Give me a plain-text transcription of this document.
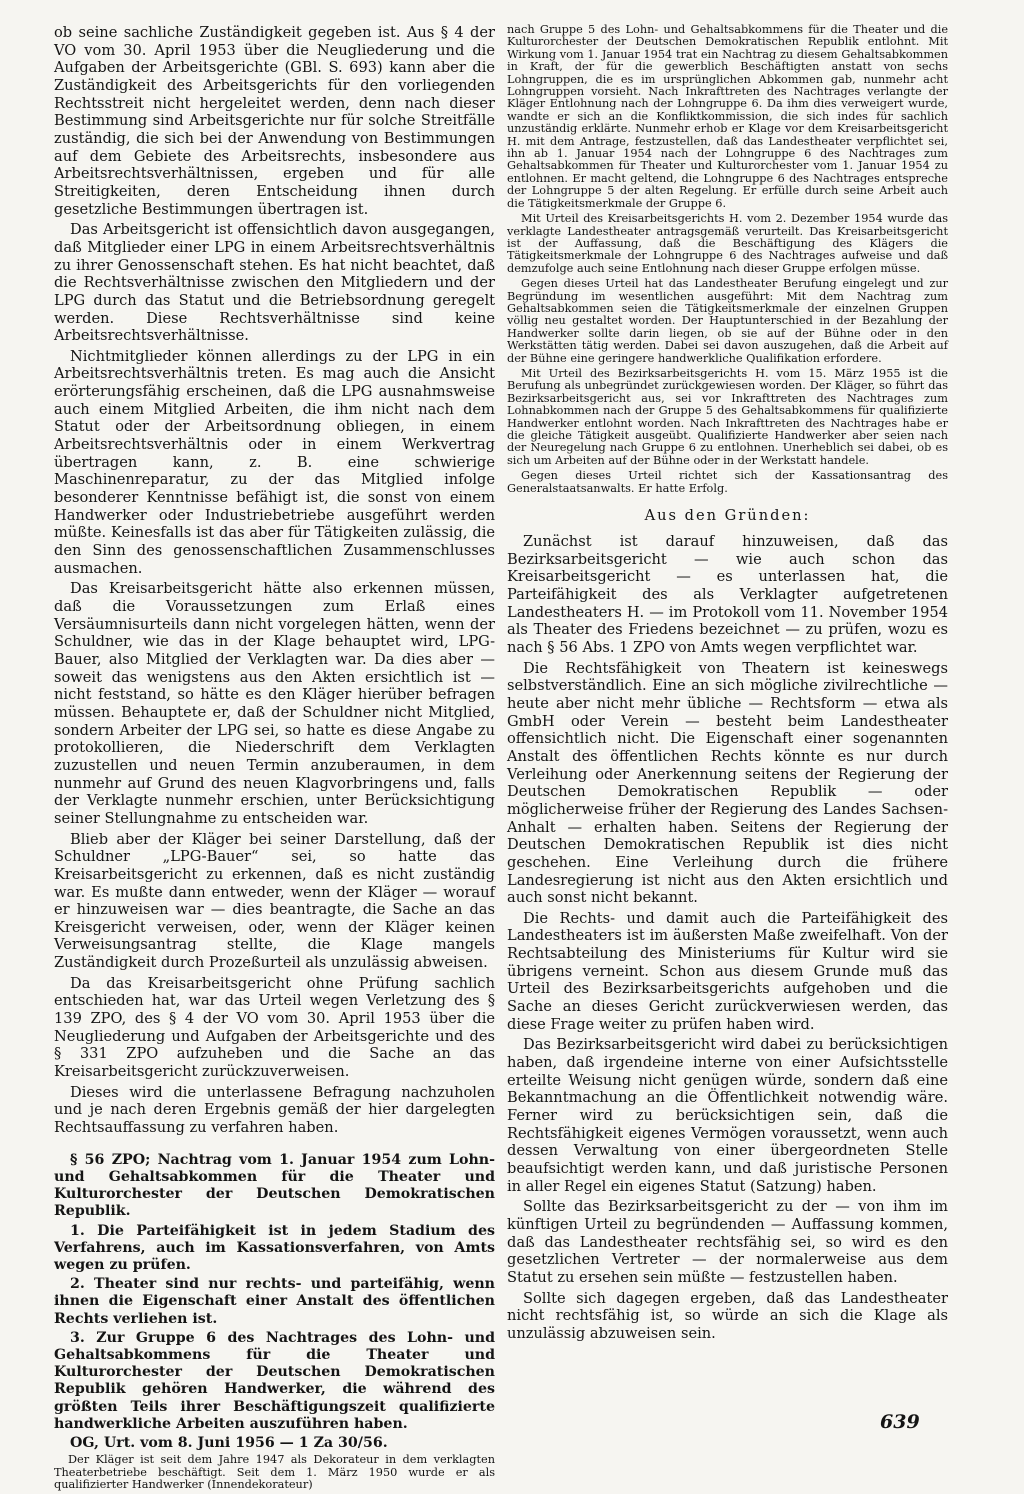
ob seine sachliche Zuständigkeit gegeben ist. Aus § 4 der VO vom 30. April 1953 über die Neugliederung und die Aufgaben der Arbeitsgerichte (GBl. S. 693) kann aber die Zuständigkeit des Arbeitsgerichts für den vorliegenden Rechtsstreit nicht hergeleitet werden, denn nach dieser Bestimmung sind Arbeitsgerichte nur für solche Streitfälle zuständig, die sich bei der Anwendung von Bestimmungen auf dem Gebiete des Arbeitsrechts, insbesondere aus Arbeitsrechtsverhältnissen, ergeben und für alle Streitigkeiten, deren Entscheidung ihnen durch gesetzliche Bestimmungen übertragen ist.

Das Arbeitsgericht ist offensichtlich davon ausgegangen, daß Mitglieder einer LPG in einem Arbeitsrechtsverhältnis zu ihrer Genossenschaft stehen. Es hat nicht beachtet, daß die Rechtsverhältnisse zwischen den Mitgliedern und der LPG durch das Statut und die Betriebsordnung geregelt werden. Diese Rechtsverhältnisse sind keine Arbeitsrechtsverhältnisse.

Nichtmitglieder können allerdings zu der LPG in ein Arbeitsrechtsverhältnis treten. Es mag auch die Ansicht erörterungsfähig erscheinen, daß die LPG ausnahmsweise auch einem Mitglied Arbeiten, die ihm nicht nach dem Statut oder der Arbeitsordnung obliegen, in einem Arbeitsrechtsverhältnis oder in einem Werkvertrag übertragen kann, z. B. eine schwierige Maschinenreparatur, zu der das Mitglied infolge besonderer Kenntnisse befähigt ist, die sonst von einem Handwerker oder Industriebetriebe ausgeführt werden müßte. Keinesfalls ist das aber für Tätigkeiten zulässig, die den Sinn des genossenschaftlichen Zusammenschlusses ausmachen.

Das Kreisarbeitsgericht hätte also erkennen müssen, daß die Voraussetzungen zum Erlaß eines Versäumnisurteils dann nicht vorgelegen hätten, wenn der Schuldner, wie das in der Klage behauptet wird, LPG-Bauer, also Mitglied der Verklagten war. Da dies aber — soweit das wenigstens aus den Akten ersichtlich ist — nicht feststand, so hätte es den Kläger hierüber befragen müssen. Behauptete er, daß der Schuldner nicht Mitglied, sondern Arbeiter der LPG sei, so hatte es diese Angabe zu protokollieren, die Niederschrift dem Verklagten zuzustellen und neuen Termin anzuberaumen, in dem nunmehr auf Grund des neuen Klagvorbringens und, falls der Verklagte nunmehr erschien, unter Berücksichtigung seiner Stellungnahme zu entscheiden war.

Blieb aber der Kläger bei seiner Darstellung, daß der Schuldner „LPG-Bauer“ sei, so hatte das Kreisarbeitsgericht zu erkennen, daß es nicht zuständig war. Es mußte dann entweder, wenn der Kläger — worauf er hinzuweisen war — dies beantragte, die Sache an das Kreisgericht verweisen, oder, wenn der Kläger keinen Verweisungsantrag stellte, die Klage mangels Zuständigkeit durch Prozeßurteil als unzulässig abweisen.

Da das Kreisarbeitsgericht ohne Prüfung sachlich entschieden hat, war das Urteil wegen Verletzung des § 139 ZPO, des § 4 der VO vom 30. April 1953 über die Neugliederung und Aufgaben der Arbeitsgerichte und des § 331 ZPO aufzuheben und die Sache an das Kreisarbeitsgericht zurückzuverweisen.

Dieses wird die unterlassene Befragung nachzuholen und je nach deren Ergebnis gemäß der hier dargelegten Rechtsauffassung zu verfahren haben.

§ 56 ZPO; Nachtrag vom 1. Januar 1954 zum Lohn- und Gehaltsabkommen für die Theater und Kulturorchester der Deutschen Demokratischen Republik.

1. Die Parteifähigkeit ist in jedem Stadium des Verfahrens, auch im Kassationsverfahren, von Amts wegen zu prüfen.

2. Theater sind nur rechts- und parteifähig, wenn ihnen die Eigenschaft einer Anstalt des öffentlichen Rechts verliehen ist.

3. Zur Gruppe 6 des Nachtrages des Lohn- und Gehaltsabkommens für die Theater und Kulturorchester der Deutschen Demokratischen Republik gehören Handwerker, die während des größten Teils ihrer Beschäftigungszeit qualifizierte handwerkliche Arbeiten auszuführen haben.

OG, Urt. vom 8. Juni 1956 — 1 Za 30/56.

Der Kläger ist seit dem Jahre 1947 als Dekorateur in dem verklagten Theaterbetriebe beschäftigt. Seit dem 1. März 1950 wurde er als qualifizierter Handwerker (Innendekorateur)

nach Gruppe 5 des Lohn- und Gehaltsabkommens für die Theater und die Kulturorchester der Deutschen Demokratischen Republik entlohnt. Mit Wirkung vom 1. Januar 1954 trat ein Nachtrag zu diesem Gehaltsabkommen in Kraft, der für die gewerblich Beschäftigten anstatt von sechs Lohngruppen, die es im ursprünglichen Abkommen gab, nunmehr acht Lohngruppen vorsieht. Nach Inkrafttreten des Nachtrages verlangte der Kläger Entlohnung nach der Lohngruppe 6. Da ihm dies verweigert wurde, wandte er sich an die Konfliktkommission, die sich indes für sachlich unzuständig erklärte. Nunmehr erhob er Klage vor dem Kreisarbeitsgericht H. mit dem Antrage, festzustellen, daß das Landestheater verpflichtet sei, ihn ab 1. Januar 1954 nach der Lohngruppe 6 des Nachtrages zum Gehaltsabkommen für Theater und Kulturorchester vom 1. Januar 1954 zu entlohnen. Er macht geltend, die Lohngruppe 6 des Nachtrages entspreche der Lohngruppe 5 der alten Regelung. Er erfülle durch seine Arbeit auch die Tätigkeitsmerkmale der Gruppe 6.

Mit Urteil des Kreisarbeitsgerichts H. vom 2. Dezember 1954 wurde das verklagte Landestheater antragsgemäß verurteilt. Das Kreisarbeitsgericht ist der Auffassung, daß die Beschäftigung des Klägers die Tätigkeitsmerkmale der Lohngruppe 6 des Nachtrages aufweise und daß demzufolge auch seine Entlohnung nach dieser Gruppe erfolgen müsse.

Gegen dieses Urteil hat das Landestheater Berufung eingelegt und zur Begründung im wesentlichen ausgeführt: Mit dem Nachtrag zum Gehaltsabkommen seien die Tätigkeitsmerkmale der einzelnen Gruppen völlig neu gestaltet worden. Der Hauptunterschied in der Bezahlung der Handwerker sollte darin liegen, ob sie auf der Bühne oder in den Werkstätten tätig werden. Dabei sei davon auszugehen, daß die Arbeit auf der Bühne eine geringere handwerkliche Qualifikation erfordere.

Mit Urteil des Bezirksarbeitsgerichts H. vom 15. März 1955 ist die Berufung als unbegründet zurückgewiesen worden. Der Kläger, so führt das Bezirksarbeitsgericht aus, sei vor Inkrafttreten des Nachtrages zum Lohnabkommen nach der Gruppe 5 des Gehaltsabkommens für qualifizierte Handwerker entlohnt worden. Nach Inkrafttreten des Nachtrages habe er die gleiche Tätigkeit ausgeübt. Qualifizierte Handwerker aber seien nach der Neuregelung nach Gruppe 6 zu entlohnen. Unerheblich sei dabei, ob es sich um Arbeiten auf der Bühne oder in der Werkstatt handele.

Gegen dieses Urteil richtet sich der Kassationsantrag des Generalstaatsanwalts. Er hatte Erfolg.

Aus den Gründen:

Zunächst ist darauf hinzuweisen, daß das Bezirksarbeitsgericht — wie auch schon das Kreisarbeitsgericht — es unterlassen hat, die Parteifähigkeit des als Verklagter aufgetretenen Landestheaters H. — im Protokoll vom 11. November 1954 als Theater des Friedens bezeichnet — zu prüfen, wozu es nach § 56 Abs. 1 ZPO von Amts wegen verpflichtet war.

Die Rechtsfähigkeit von Theatern ist keineswegs selbstverständlich. Eine an sich mögliche zivilrechtliche — heute aber nicht mehr übliche — Rechtsform — etwa als GmbH oder Verein — besteht beim Landestheater offensichtlich nicht. Die Eigenschaft einer sogenannten Anstalt des öffentlichen Rechts könnte es nur durch Verleihung oder Anerkennung seitens der Regierung der Deutschen Demokratischen Republik — oder möglicherweise früher der Regierung des Landes Sachsen-Anhalt — erhalten haben. Seitens der Regierung der Deutschen Demokratischen Republik ist dies nicht geschehen. Eine Verleihung durch die frühere Landesregierung ist nicht aus den Akten ersichtlich und auch sonst nicht bekannt.

Die Rechts- und damit auch die Parteifähigkeit des Landestheaters ist im äußersten Maße zweifelhaft. Von der Rechtsabteilung des Ministeriums für Kultur wird sie übrigens verneint. Schon aus diesem Grunde muß das Urteil des Bezirksarbeitsgerichts aufgehoben und die Sache an dieses Gericht zurückverwiesen werden, das diese Frage weiter zu prüfen haben wird.

Das Bezirksarbeitsgericht wird dabei zu berücksichtigen haben, daß irgendeine interne von einer Aufsichtsstelle erteilte Weisung nicht genügen würde, sondern daß eine Bekanntmachung an die Öffentlichkeit notwendig wäre. Ferner wird zu berücksichtigen sein, daß die Rechtsfähigkeit eigenes Vermögen voraussetzt, wenn auch dessen Verwaltung von einer übergeordneten Stelle beaufsichtigt werden kann, und daß juristische Personen in aller Regel ein eigenes Statut (Satzung) haben.

Sollte das Bezirksarbeitsgericht zu der — von ihm im künftigen Urteil zu begründenden — Auffassung kommen, daß das Landestheater rechtsfähig sei, so wird es den gesetzlichen Vertreter — der normalerweise aus dem Statut zu ersehen sein müßte — festzustellen haben.

Sollte sich dagegen ergeben, daß das Landestheater nicht rechtsfähig ist, so würde an sich die Klage als unzulässig abzuweisen sein.

639
